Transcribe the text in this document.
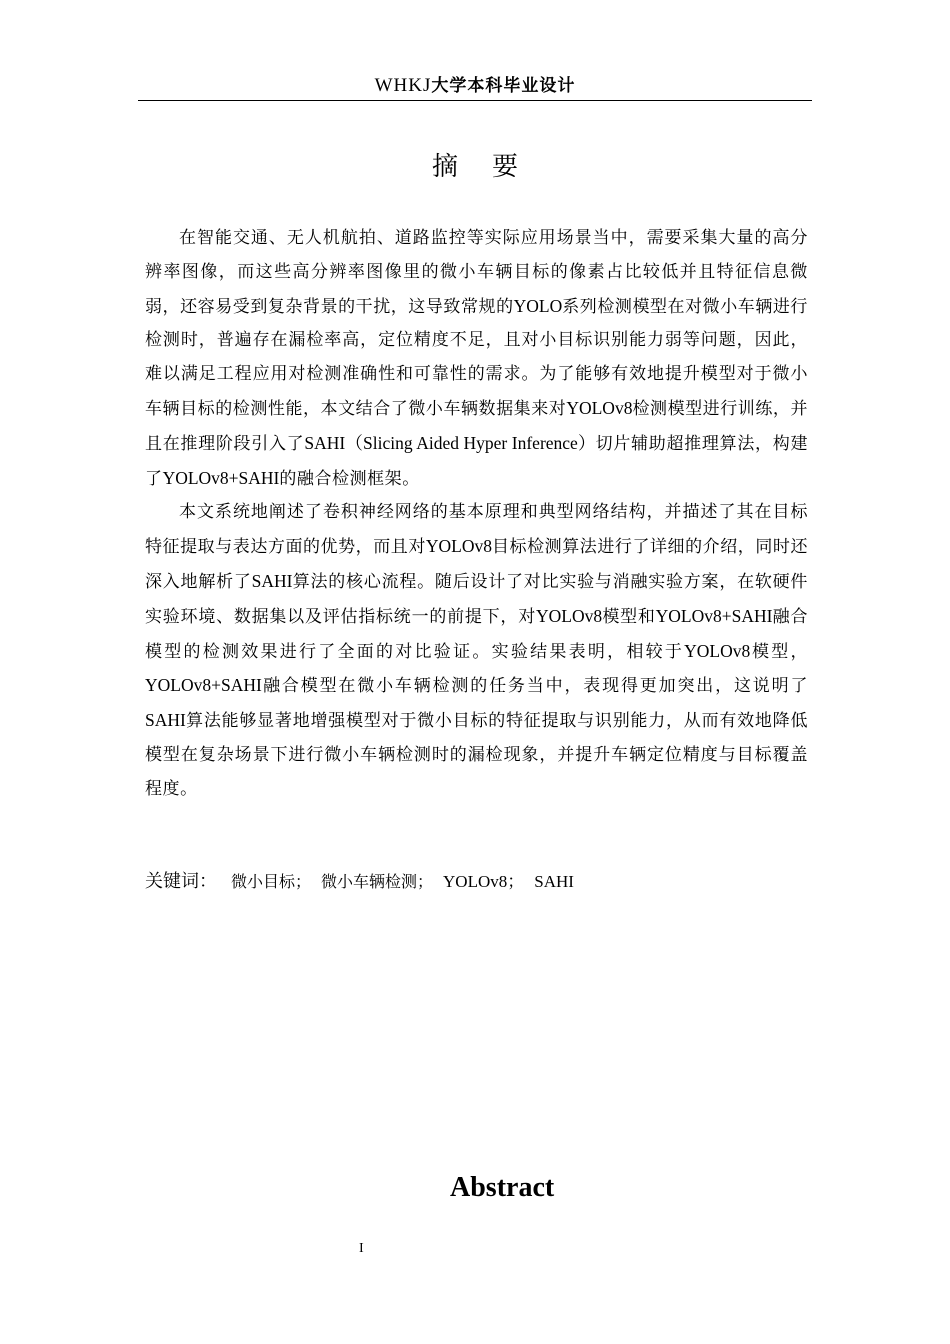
WHKJ大学本科毕业设计
摘 要

在智能交通、无人机航拍、道路监控等实际应用场景当中，需要采集大量的高分辨率图像，而这些高分辨率图像里的微小车辆目标的像素占比较低并且特征信息微弱，还容易受到复杂背景的干扰，这导致常规的YOLO系列检测模型在对微小车辆进行检测时，普遍存在漏检率高，定位精度不足，且对小目标识别能力弱等问题，因此，难以满足工程应用对检测准确性和可靠性的需求。为了能够有效地提升模型对于微小车辆目标的检测性能，本文结合了微小车辆数据集来对YOLOv8检测模型进行训练，并且在推理阶段引入了SAHI（Slicing Aided Hyper Inference）切片辅助超推理算法，构建了YOLOv8+SAHI的融合检测框架。

本文系统地阐述了卷积神经网络的基本原理和典型网络结构，并描述了其在目标特征提取与表达方面的优势，而且对YOLOv8目标检测算法进行了详细的介绍，同时还深入地解析了SAHI算法的核心流程。随后设计了对比实验与消融实验方案，在软硬件实验环境、数据集以及评估指标统一的前提下，对YOLOv8模型和YOLOv8+SAHI融合模型的检测效果进行了全面的对比验证。实验结果表明，相较于YOLOv8模型，YOLOv8+SAHI融合模型在微小车辆检测的任务当中，表现得更加突出，这说明了SAHI算法能够显著地增强模型对于微小目标的特征提取与识别能力，从而有效地降低模型在复杂场景下进行微小车辆检测时的漏检现象，并提升车辆定位精度与目标覆盖程度。

关键词： 微小目标； 微小车辆检测； YOLOv8； SAHI
Abstract
I
